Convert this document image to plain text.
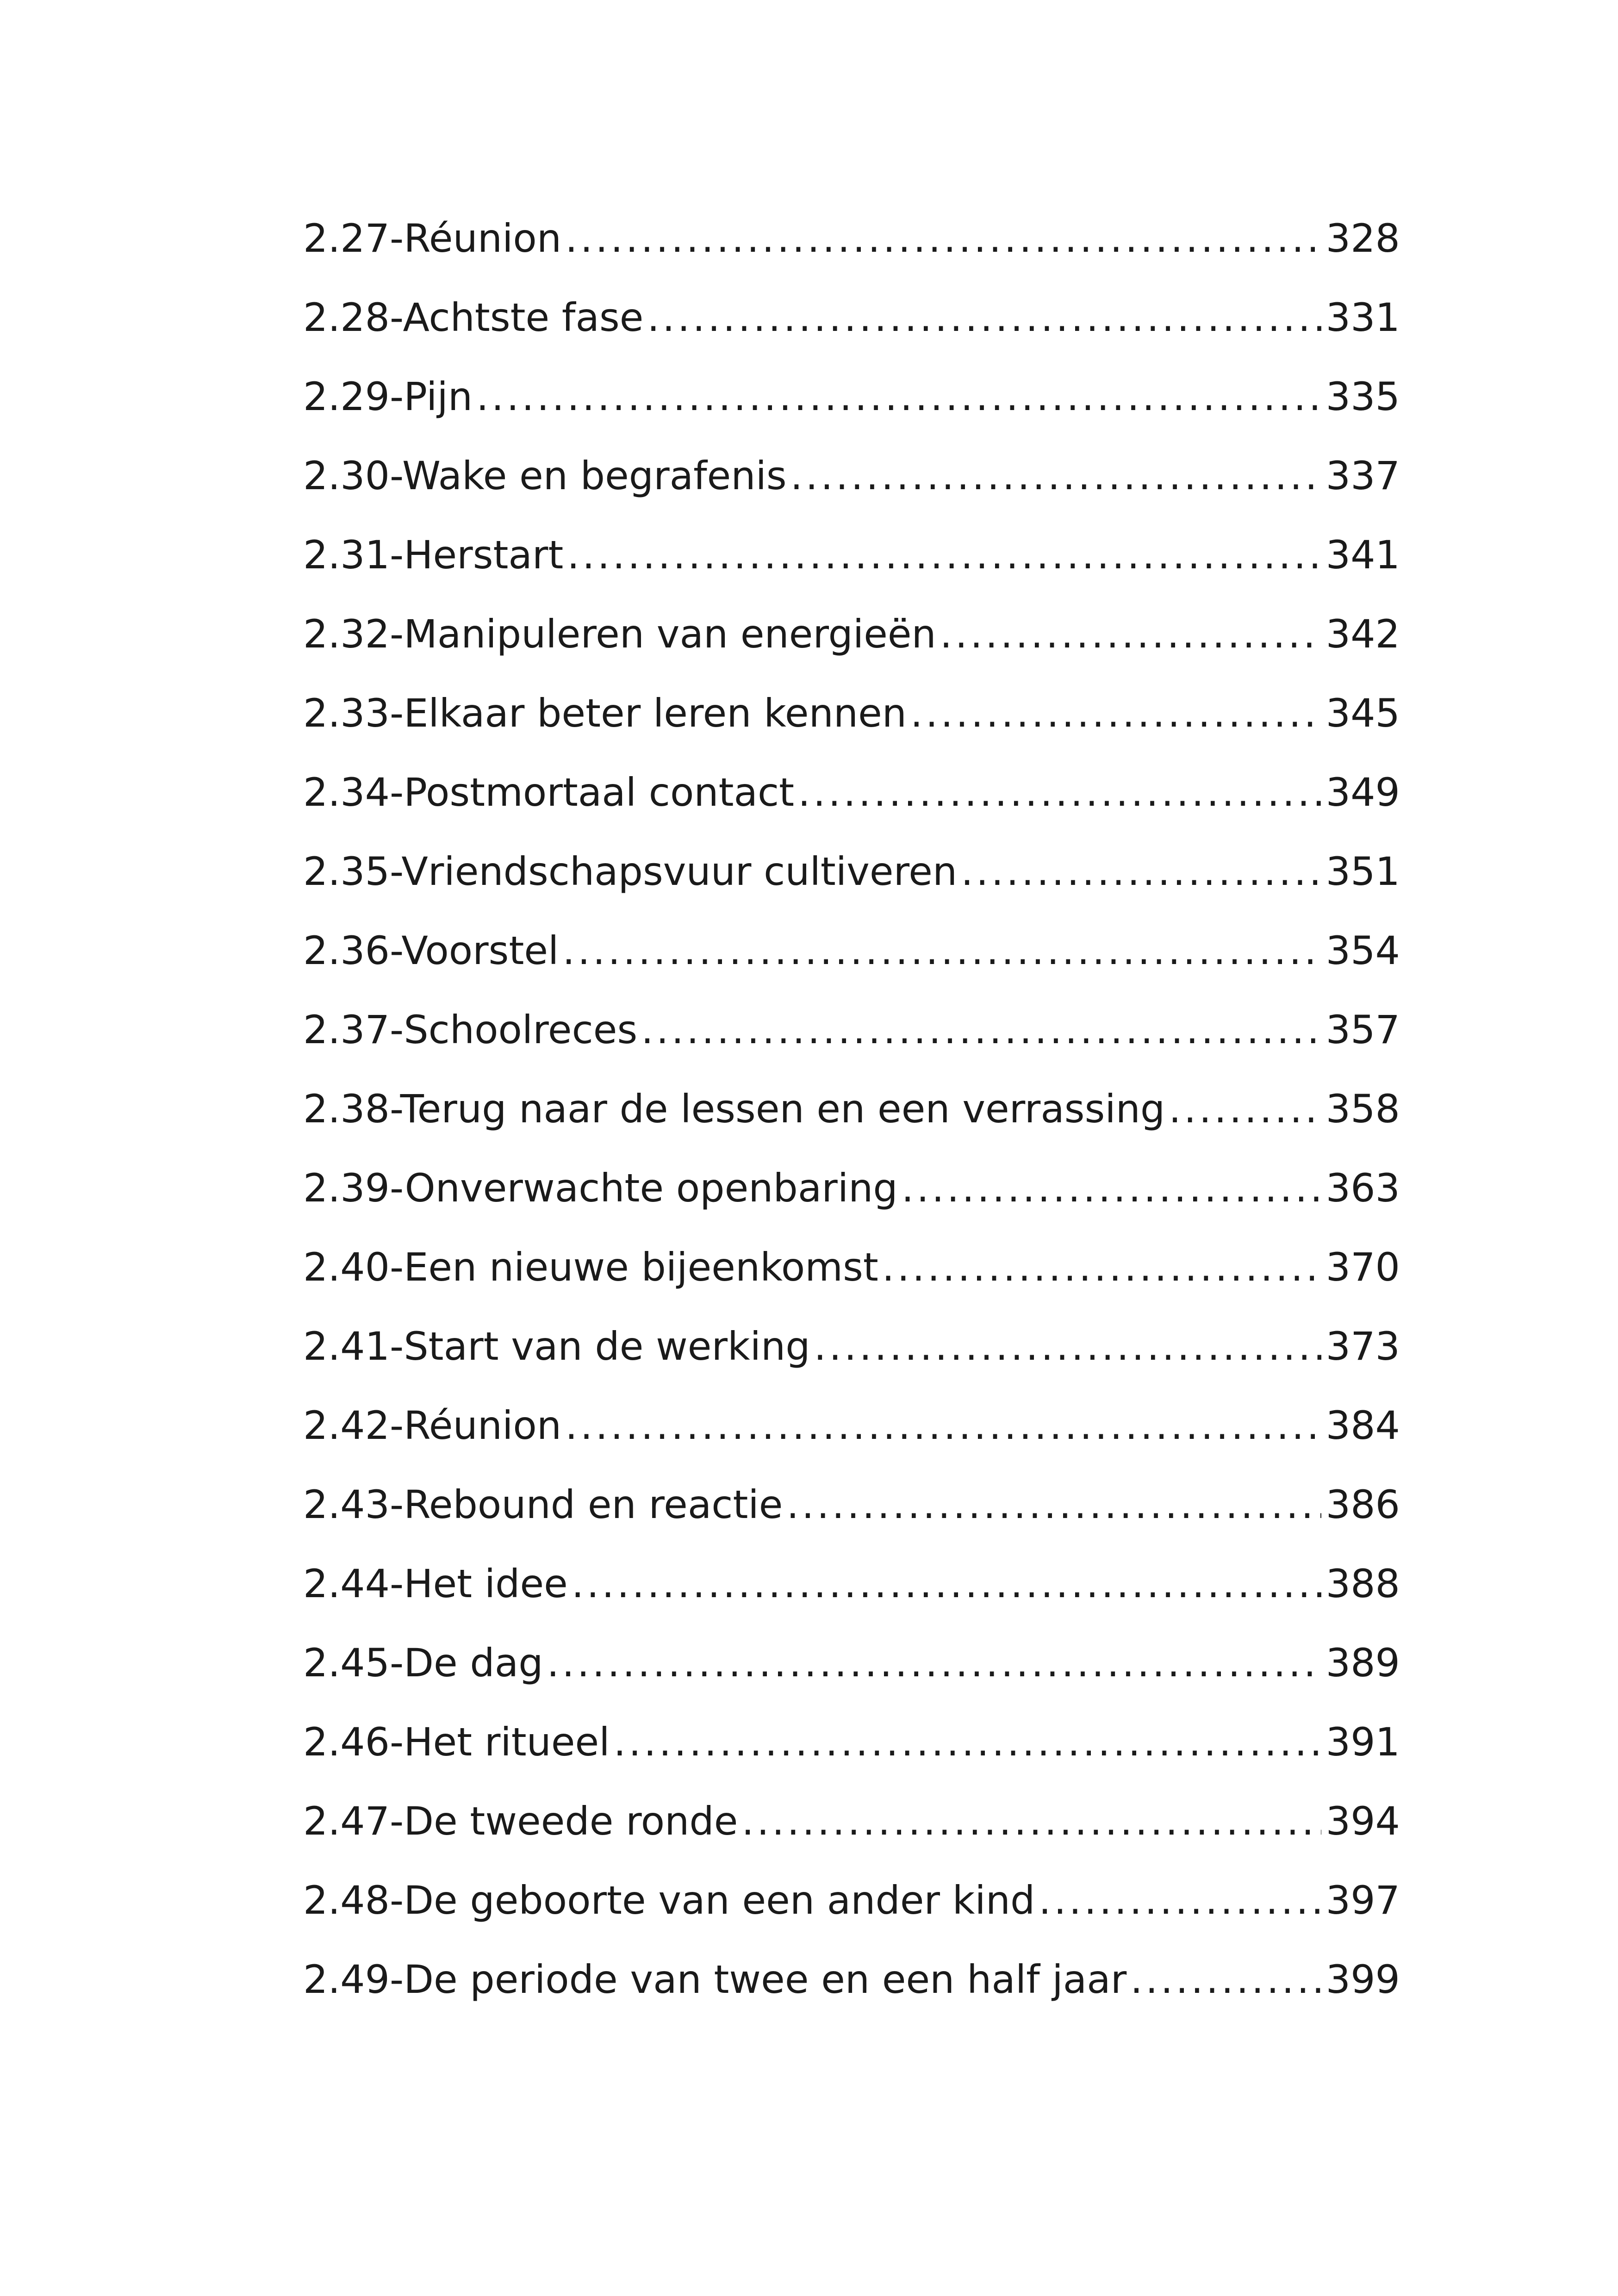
2.27-Réunion .....	328
2.28-Achtste fase .....	331
2.29-Pijn .....	335
2.30-Wake en begrafenis .....	337
2.31-Herstart .....	341
2.32-Manipuleren van energieën .....	342
2.33-Elkaar beter leren kennen .....	345
2.34-Postmortaal contact .....	349
2.35-Vriendschapsvuur cultiveren .....	351
2.36-Voorstel .....	354
2.37-Schoolreces .....	357
2.38-Terug naar de lessen en een verrassing .....	358
2.39-Onverwachte openbaring .....	363
2.40-Een nieuwe bijeenkomst .....	370
2.41-Start van de werking .....	373
2.42-Réunion .....	384
2.43-Rebound en reactie .....	386
2.44-Het idee .....	388
2.45-De dag .....	389
2.46-Het ritueel .....	391
2.47-De tweede ronde .....	394
2.48-De geboorte van een ander kind .....	397
2.49-De periode van twee en een half jaar .....	399
